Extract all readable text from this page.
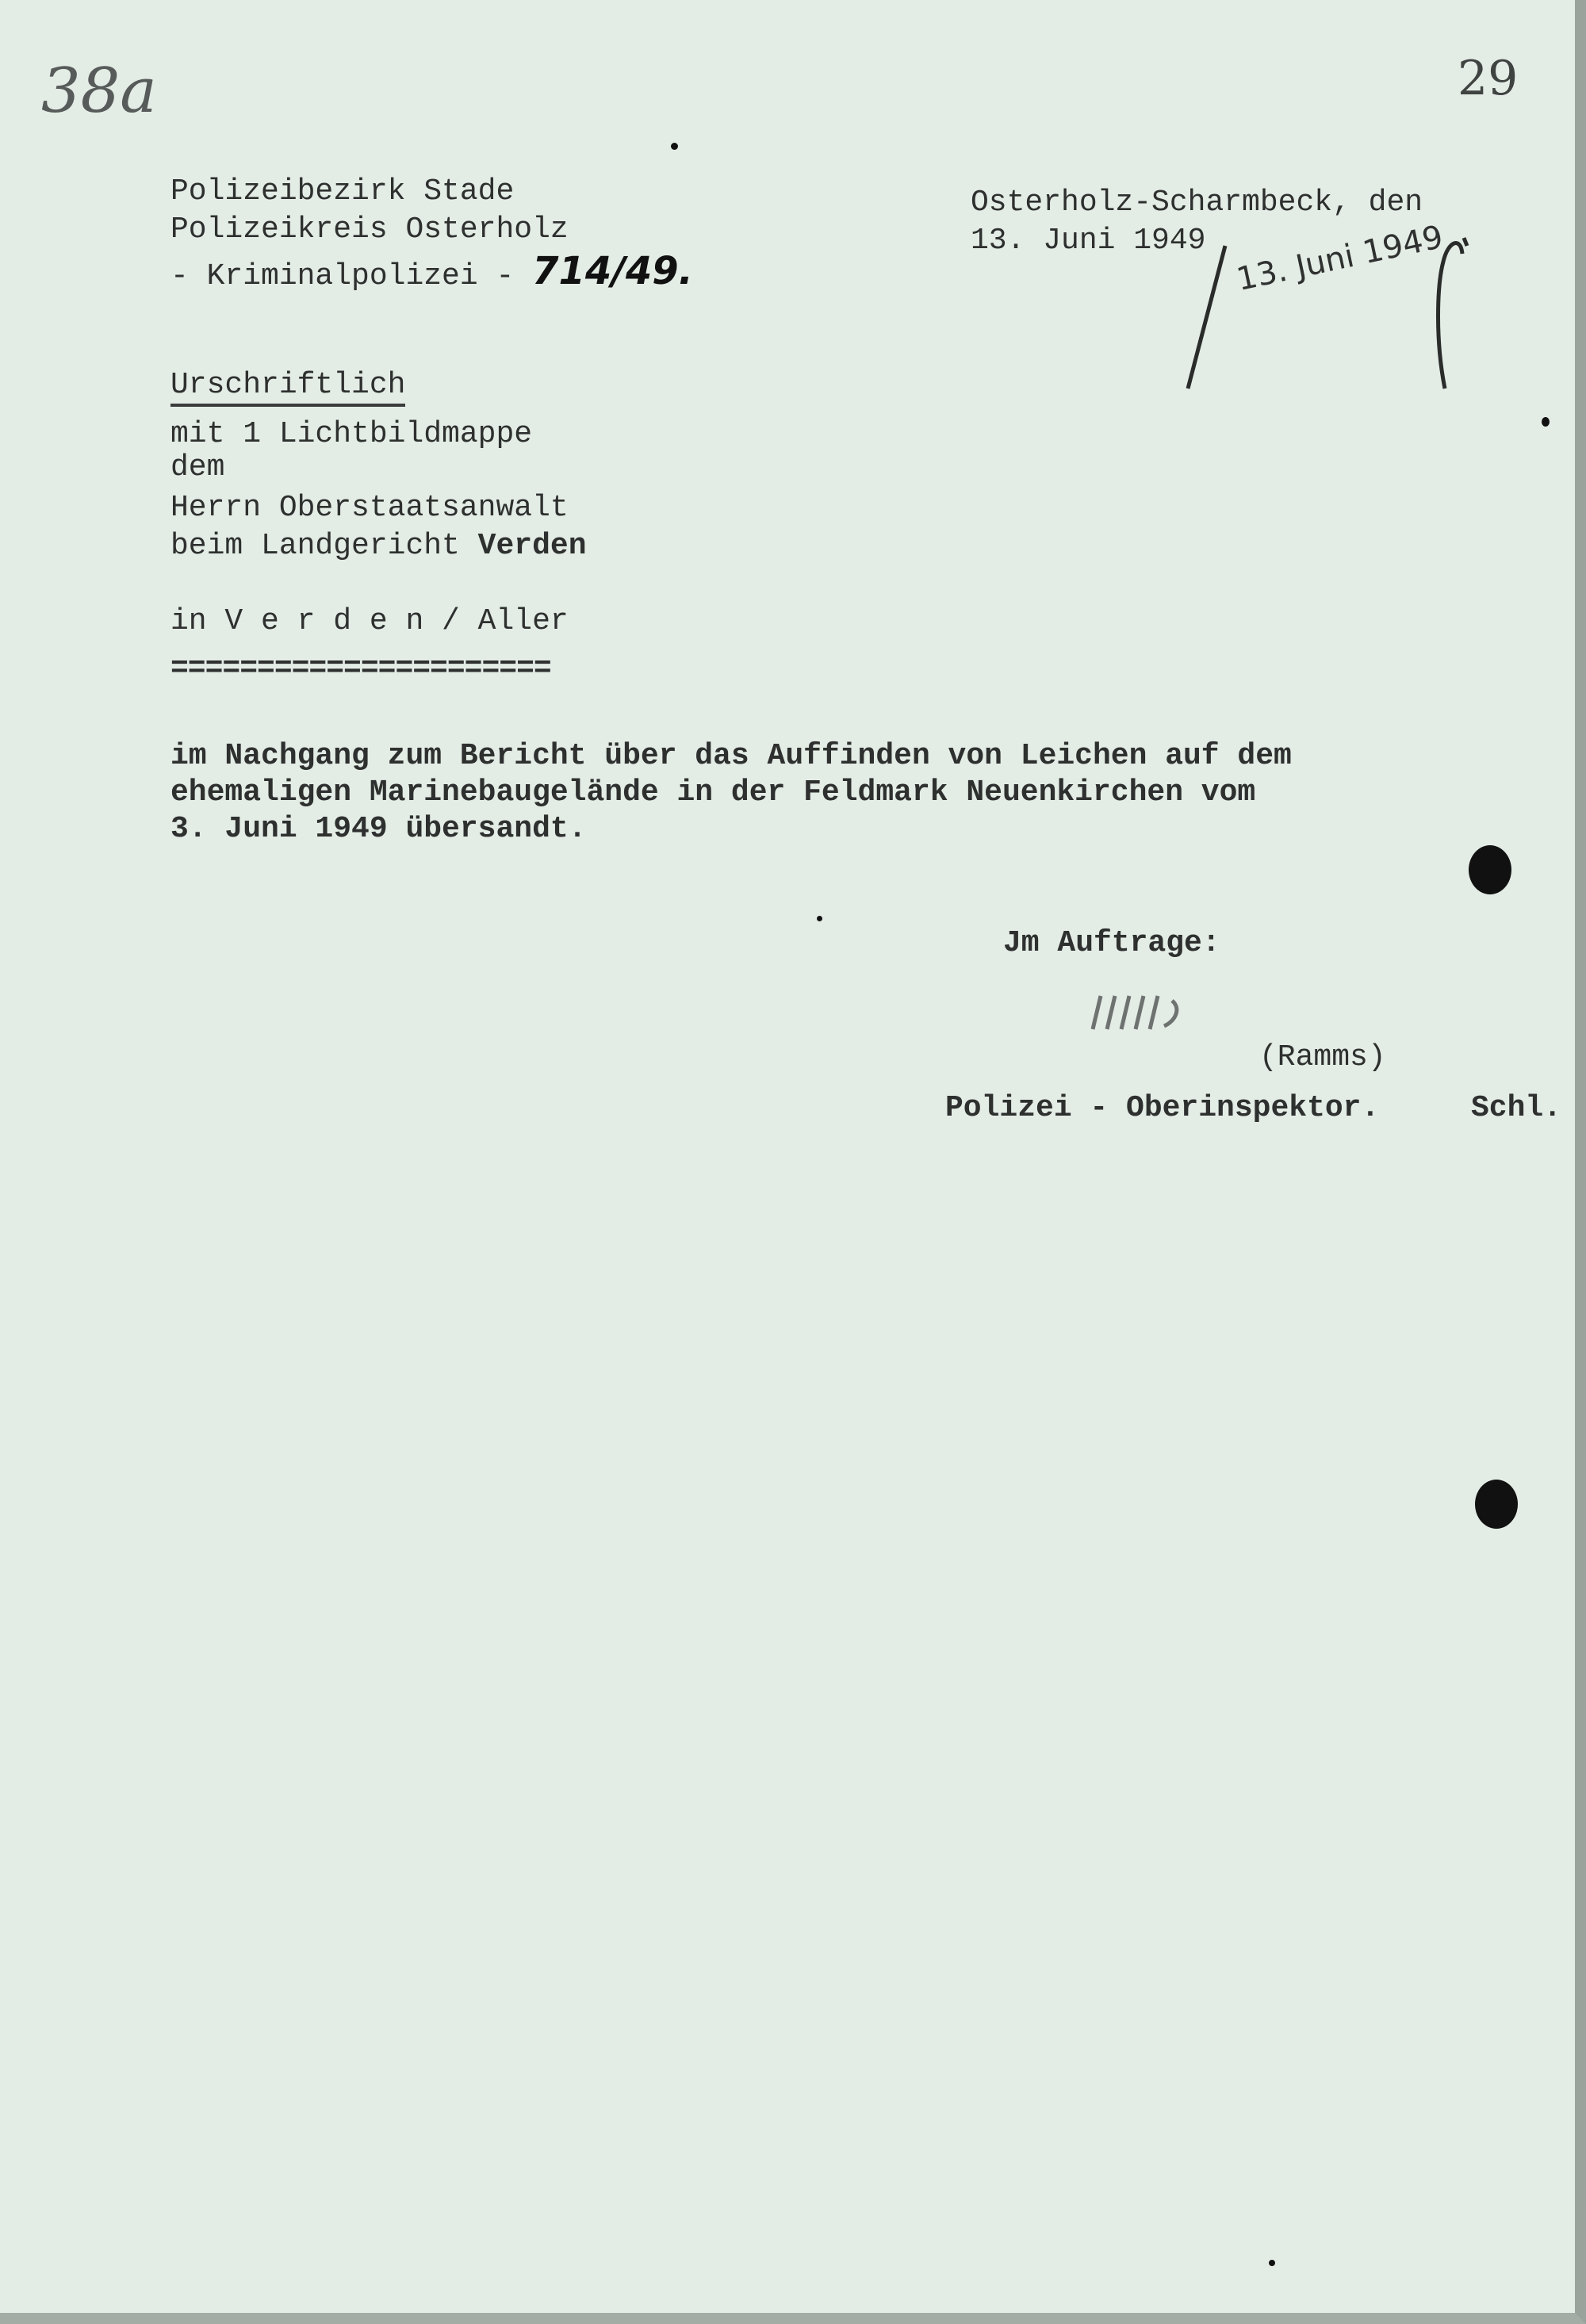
38a	29
Polizeibezirk Stade
Polizeikreis Osterholz
- Kriminalpolizei - 714/49.
Osterholz-Scharmbeck, den
13. Juni 1949 13. Juni 1949
Urschriftlich
mit 1 Lichtbildmappe
dem
Herrn Oberstaatsanwalt
beim Landgericht Verden
in V e r d e n / Aller
======================
im Nachgang zum Bericht über das Auffinden von Leichen auf dem
ehemaligen Marinebaugelände in der Feldmark Neuenkirchen vom
3. Juni 1949 übersandt.
Jm Auftrage:
(Ramms)
Polizei - Oberinspektor.	Schl.
